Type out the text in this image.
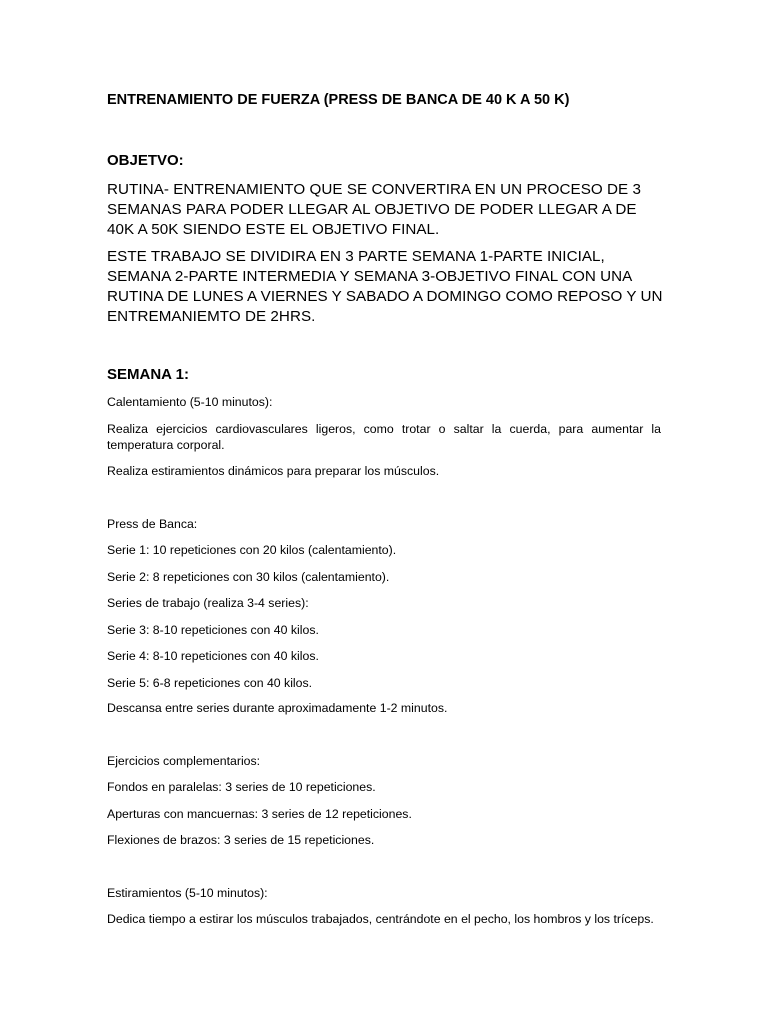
ENTRENAMIENTO DE FUERZA (PRESS DE BANCA DE 40 K A 50 K)
OBJETVO:
RUTINA- ENTRENAMIENTO QUE SE CONVERTIRA EN UN PROCESO DE 3 SEMANAS PARA PODER LLEGAR AL OBJETIVO DE PODER LLEGAR A DE 40K A 50K SIENDO ESTE EL OBJETIVO FINAL.
ESTE TRABAJO SE DIVIDIRA EN 3 PARTE SEMANA 1-PARTE INICIAL, SEMANA 2-PARTE INTERMEDIA Y SEMANA 3-OBJETIVO FINAL CON UNA RUTINA DE LUNES A VIERNES Y SABADO A DOMINGO COMO REPOSO Y UN ENTREMANIEMTO DE 2HRS.
SEMANA 1:
Calentamiento (5-10 minutos):
Realiza ejercicios cardiovasculares ligeros, como trotar o saltar la cuerda, para aumentar la temperatura corporal.
Realiza estiramientos dinámicos para preparar los músculos.
Press de Banca:
Serie 1: 10 repeticiones con 20 kilos (calentamiento).
Serie 2: 8 repeticiones con 30 kilos (calentamiento).
Series de trabajo (realiza 3-4 series):
Serie 3: 8-10 repeticiones con 40 kilos.
Serie 4: 8-10 repeticiones con 40 kilos.
Serie 5: 6-8 repeticiones con 40 kilos.
Descansa entre series durante aproximadamente 1-2 minutos.
Ejercicios complementarios:
Fondos en paralelas: 3 series de 10 repeticiones.
Aperturas con mancuernas: 3 series de 12 repeticiones.
Flexiones de brazos: 3 series de 15 repeticiones.
Estiramientos (5-10 minutos):
Dedica tiempo a estirar los músculos trabajados, centrándote en el pecho, los hombros y los tríceps.
